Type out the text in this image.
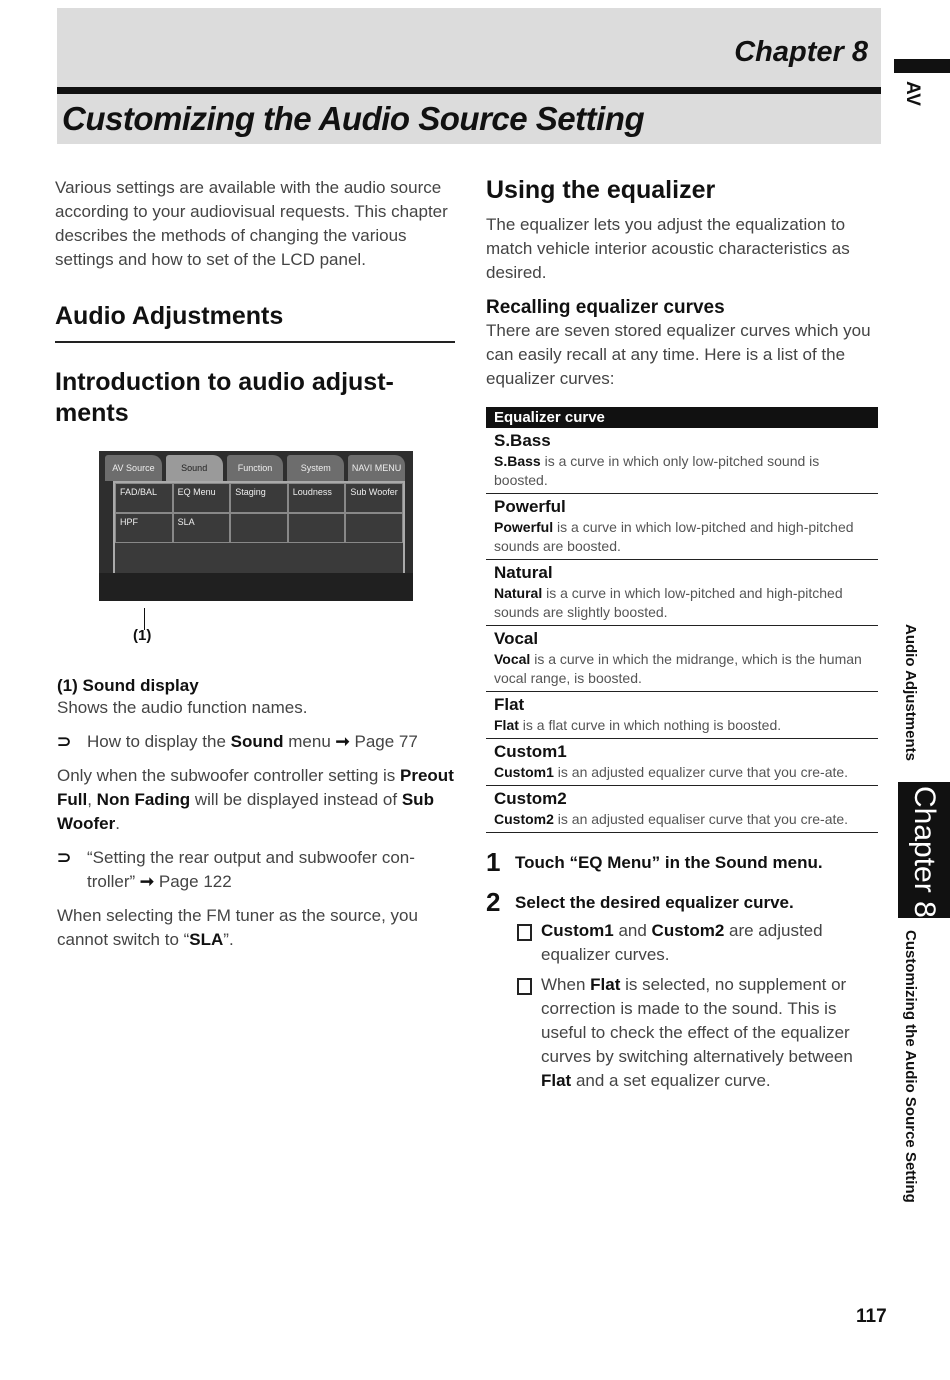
Chapter 8
Customizing the Audio Source Setting
AV

Various settings are available with the audio source according to your audiovisual requests. This chapter describes the methods of changing the various settings and how to set of the LCD panel.

Audio Adjustments
Introduction to audio adjust-ments
AV Source	Sound	Function	System	NAVI MENU
FAD/BAL	EQ Menu	Staging	Loudness	Sub Woofer
HPF	SLA
(1)
(1) Sound display

Shows the audio function names.

⊃ How to display the Sound menu ➞ Page 77

Only when the subwoofer controller setting is Preout Full, Non Fading will be displayed instead of Sub Woofer.

⊃ “Setting the rear output and subwoofer con-troller” ➞ Page 122

When selecting the FM tuner as the source, you cannot switch to “SLA”.

Using the equalizer

The equalizer lets you adjust the equalization to match vehicle interior acoustic characteristics as desired.

Recalling equalizer curves

There are seven stored equalizer curves which you can easily recall at any time. Here is a list of the equalizer curves:

Equalizer curve
S.Bass
S.Bass is a curve in which only low-pitched sound is boosted.
Powerful
Powerful is a curve in which low-pitched and high-pitched sounds are boosted.
Natural
Natural is a curve in which low-pitched and high-pitched sounds are slightly boosted.
Vocal
Vocal is a curve in which the midrange, which is the human vocal range, is boosted.
Flat
Flat is a flat curve in which nothing is boosted.
Custom1
Custom1 is an adjusted equalizer curve that you cre-ate.
Custom2
Custom2 is an adjusted equaliser curve that you cre-ate.
1 Touch “EQ Menu” in the Sound menu.
2 Select the desired equalizer curve.
Custom1 and Custom2 are adjusted equalizer curves.
When Flat is selected, no supplement or correction is made to the sound. This is useful to check the effect of the equalizer curves by switching alternatively between Flat and a set equalizer curve.
Audio Adjustments
Chapter 8
Customizing the Audio Source Setting
117
